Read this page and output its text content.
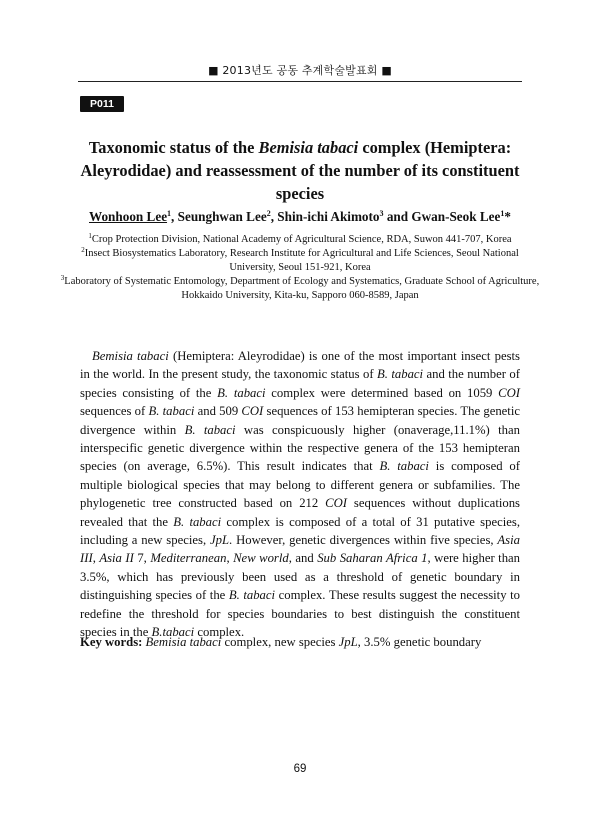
■ 2013년도 공동 추계학술발표회 ■
P011
Taxonomic status of the Bemisia tabaci complex (Hemiptera: Aleyrodidae) and reassessment of the number of its constituent species
Wonhoon Lee$^1$, Seunghwan Lee$^2$, Shin-ichi Akimoto$^3$ and Gwan-Seok Lee$^1$*

$^1$Crop Protection Division, National Academy of Agricultural Science, RDA, Suwon 441-707, Korea

$^2$Insect Biosystematics Laboratory, Research Institute for Agricultural and Life Sciences, Seoul National University, Seoul 151-921, Korea

$^3$Laboratory of Systematic Entomology, Department of Ecology and Systematics, Graduate School of Agriculture, Hokkaido University, Kita-ku, Sapporo 060-8589, Japan

Bemisia tabaci (Hemiptera: Aleyrodidae) is one of the most important insect pests in the world. In the present study, the taxonomic status of B. tabaci and the number of species consisting of the B. tabaci complex were determined based on 1059 COI sequences of B. tabaci and 509 COI sequences of 153 hemipteran species. The genetic divergence within B. tabaci was conspicuously higher (onaverage,11.1%) than interspecific genetic divergence within the respective genera of the 153 hemipteran species (on average, 6.5%). This result indicates that B. tabaci is composed of multiple biological species that may belong to different genera or subfamilies. The phylogenetic tree constructed based on 212 COI sequences without duplications revealed that the B. tabaci complex is composed of a total of 31 putative species, including a new species, JpL. However, genetic divergences within five species, Asia III, Asia II 7, Mediterranean, New world, and Sub Saharan Africa 1, were higher than 3.5%, which has previously been used as a threshold of genetic boundary in distinguishing species of the B. tabaci complex. These results suggest the necessity to redefine the threshold for species boundaries to best distinguish the constituent species in the B.tabaci complex.

Key words: Bemisia tabaci complex, new species JpL, 3.5% genetic boundary

69
